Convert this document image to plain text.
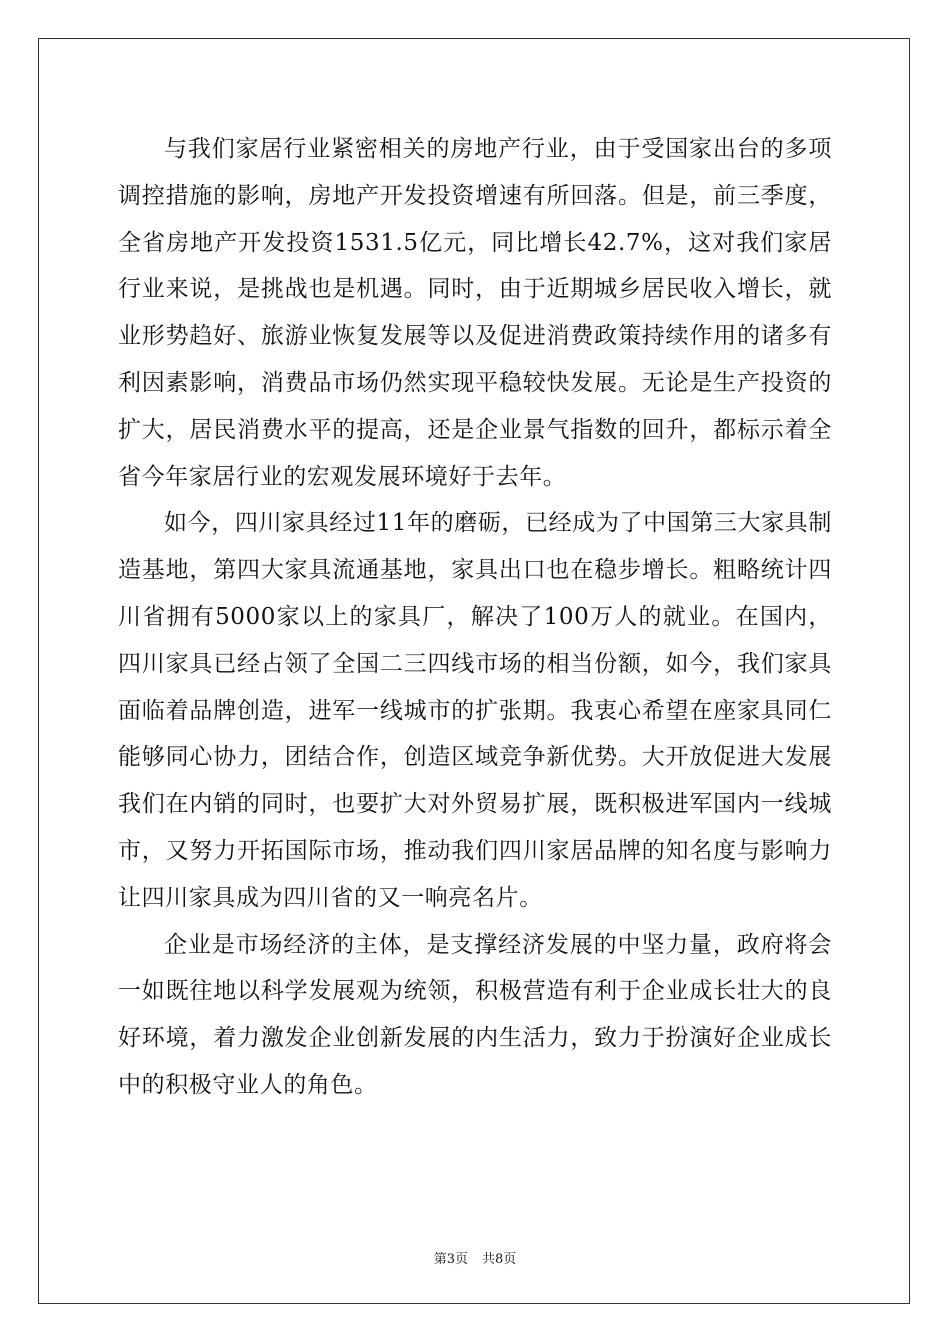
与我们家居行业紧密相关的房地产行业，由于受国家出台的多项调控措施的影响，房地产开发投资增速有所回落。但是，前三季度，全省房地产开发投资1531.5亿元，同比增长42.7%，这对我们家居行业来说，是挑战也是机遇。同时，由于近期城乡居民收入增长，就业形势趋好、旅游业恢复发展等以及促进消费政策持续作用的诸多有利因素影响，消费品市场仍然实现平稳较快发展。无论是生产投资的扩大，居民消费水平的提高，还是企业景气指数的回升，都标示着全省今年家居行业的宏观发展环境好于去年。

如今，四川家具经过11年的磨砺，已经成为了中国第三大家具制造基地，第四大家具流通基地，家具出口也在稳步增长。粗略统计四川省拥有5000家以上的家具厂，解决了100万人的就业。在国内，四川家具已经占领了全国二三四线市场的相当份额，如今，我们家具面临着品牌创造，进军一线城市的扩张期。我衷心希望在座家具同仁能够同心协力，团结合作，创造区域竞争新优势。大开放促进大发展我们在内销的同时，也要扩大对外贸易扩展，既积极进军国内一线城市，又努力开拓国际市场，推动我们四川家居品牌的知名度与影响力让四川家具成为四川省的又一响亮名片。

企业是市场经济的主体，是支撑经济发展的中坚力量，政府将会一如既往地以科学发展观为统领，积极营造有利于企业成长壮大的良好环境，着力激发企业创新发展的内生活力，致力于扮演好企业成长中的积极守业人的角色。

第3页 共8页
